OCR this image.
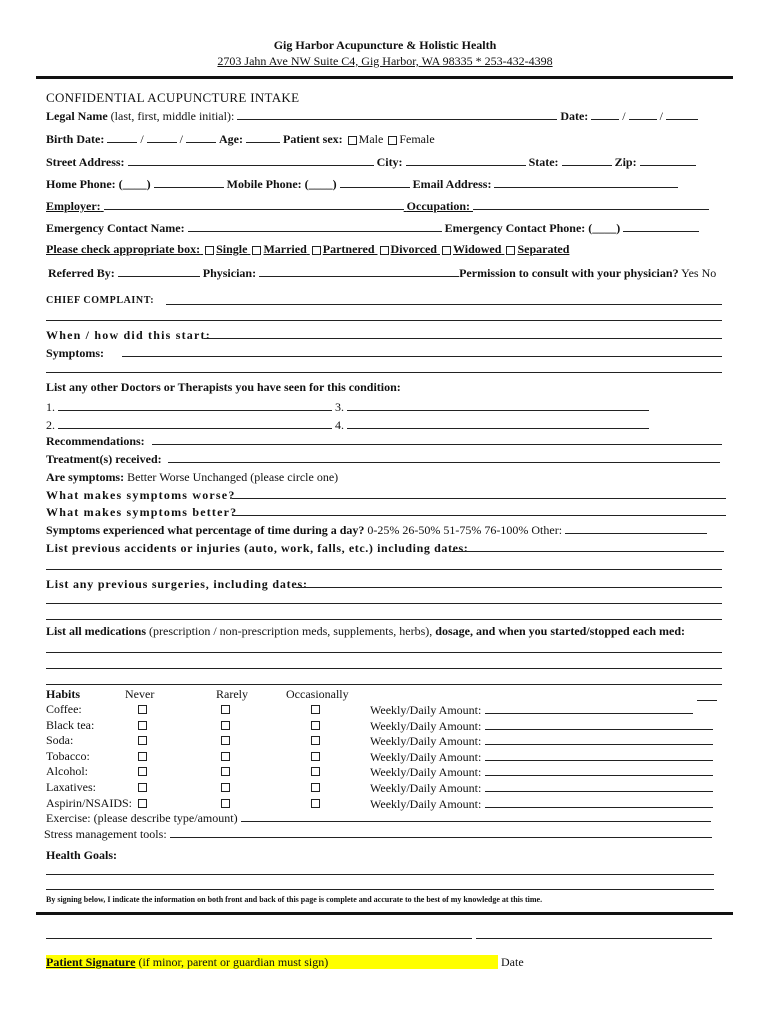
Gig Harbor Acupuncture & Holistic Health
2703 Jahn Ave NW Suite C4, Gig Harbor, WA 98335 * 253-432-4398
CONFIDENTIAL ACUPUNCTURE INTAKE
Legal Name (last, first, middle initial):	Date:	/  /
Birth Date:	/	/	Age:	Patient sex: Male Female
Street Address:	City:	State:	Zip:
Home Phone: (____)	Mobile Phone: (____)	Email Address:
Employer:	Occupation:
Emergency Contact Name:	Emergency Contact Phone: (____)
Please check appropriate box: Single Married Partnered Divorced Widowed Separated
Referred By:	Physician:	Permission to consult with your physician? Yes No
CHIEF COMPLAINT:
When / how did this start:
Symptoms:
List any other Doctors or Therapists you have seen for this condition:
1.	3.
2.	4.
Recommendations:
Treatment(s) received:
Are symptoms: Better Worse Unchanged (please circle one)
What makes symptoms worse?
What makes symptoms better?
Symptoms experienced what percentage of time during a day? 0-25% 26-50% 51-75% 76-100% Other:
List previous accidents or injuries (auto, work, falls, etc.) including dates:
List any previous surgeries, including dates:
List all medications (prescription / non-prescription meds, supplements, herbs), dosage, and when you started/stopped each med:
Habits	Never	Rarely	Occasionally
Coffee:	Weekly/Daily Amount:
Black tea:	Weekly/Daily Amount:
Soda:	Weekly/Daily Amount:
Tobacco:	Weekly/Daily Amount:
Alcohol:	Weekly/Daily Amount:
Laxatives:	Weekly/Daily Amount:
Aspirin/NSAIDS:	Weekly/Daily Amount:
Exercise: (please describe type/amount)
Stress management tools:
Health Goals:
By signing below, I indicate the information on both front and back of this page is complete and accurate to the best of my knowledge at this time.
Patient Signature (if minor, parent or guardian must sign)	Date
